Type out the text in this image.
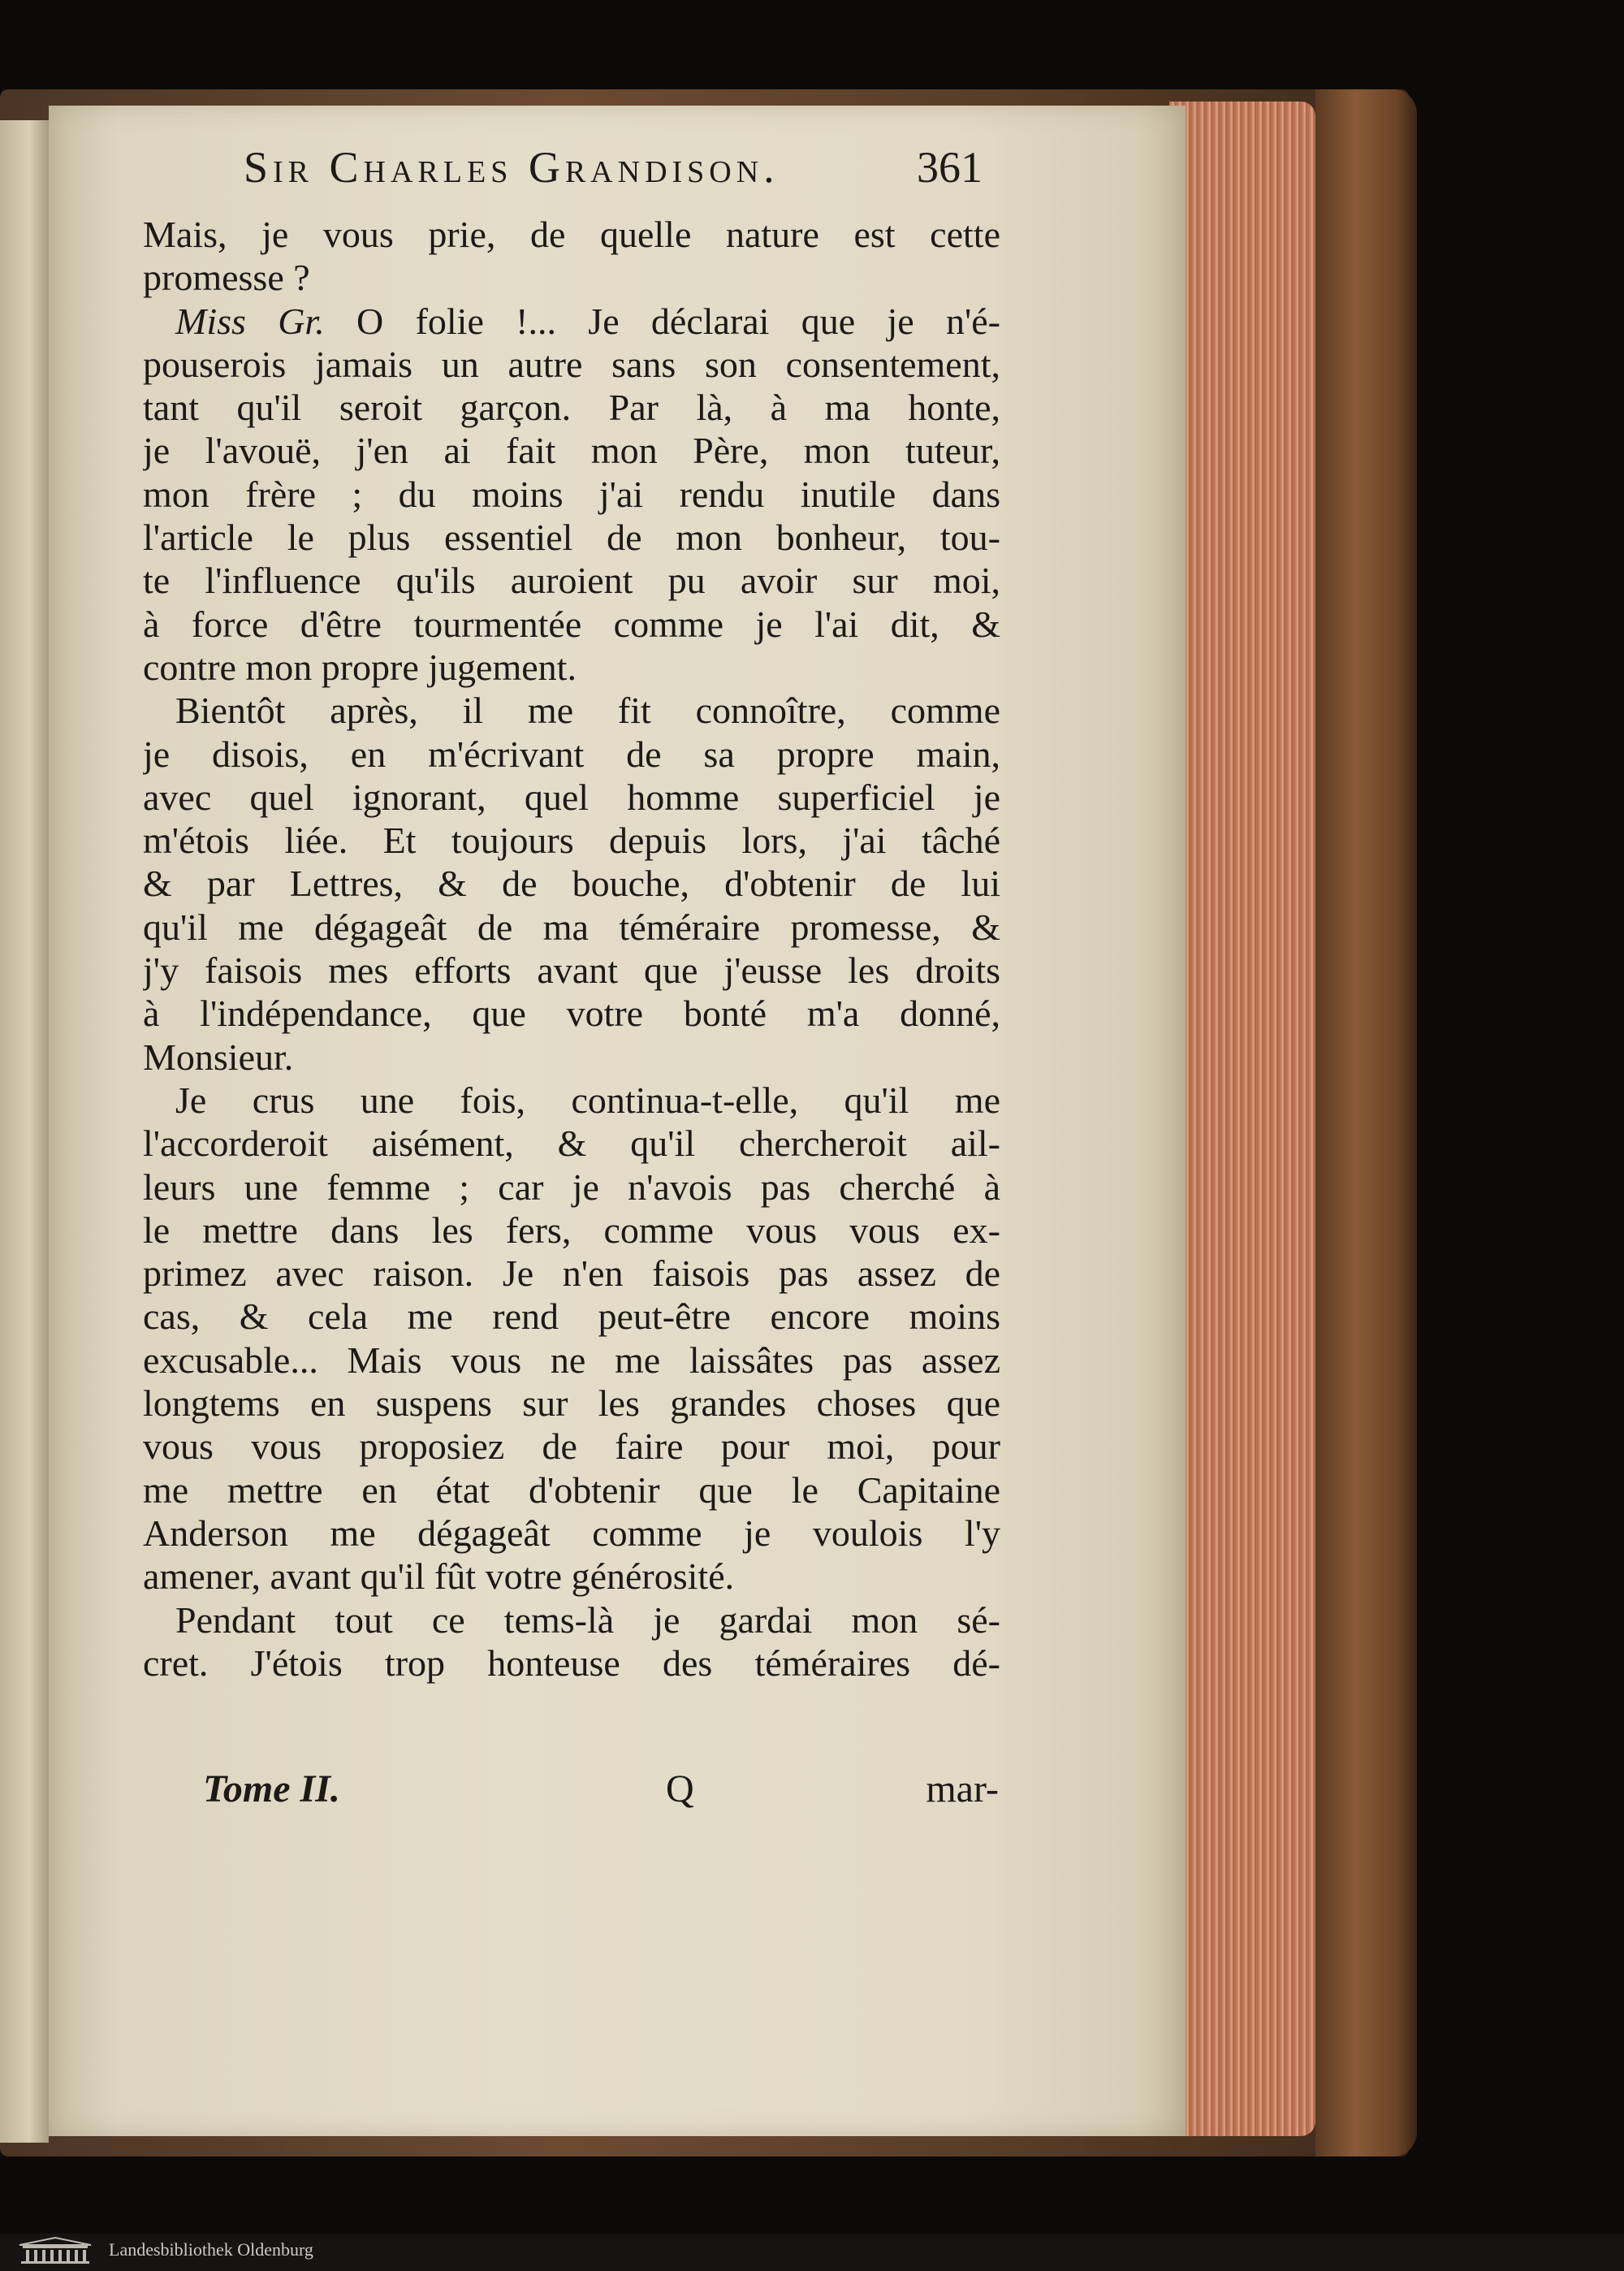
Sir Charles Grandison.	361
Mais, je vous prie, de quelle nature est cette
promesse ?
Miss Gr. O folie !... Je déclarai que je n'é-
pouserois jamais un autre sans son consentement,
tant qu'il seroit garçon. Par là, à ma honte,
je l'avouë, j'en ai fait mon Père, mon tuteur,
mon frère ; du moins j'ai rendu inutile dans
l'article le plus essentiel de mon bonheur, tou-
te l'influence qu'ils auroient pu avoir sur moi,
à force d'être tourmentée comme je l'ai dit, &
contre mon propre jugement.
Bientôt après, il me fit connoître, comme
je disois, en m'écrivant de sa propre main,
avec quel ignorant, quel homme superficiel je
m'étois liée. Et toujours depuis lors, j'ai tâché
& par Lettres, & de bouche, d'obtenir de lui
qu'il me dégageât de ma téméraire promesse, &
j'y faisois mes efforts avant que j'eusse les droits
à l'indépendance, que votre bonté m'a donné,
Monsieur.
Je crus une fois, continua-t-elle, qu'il me
l'accorderoit aisément, & qu'il chercheroit ail-
leurs une femme ; car je n'avois pas cherché à
le mettre dans les fers, comme vous vous ex-
primez avec raison. Je n'en faisois pas assez de
cas, & cela me rend peut-être encore moins
excusable... Mais vous ne me laissâtes pas assez
longtems en suspens sur les grandes choses que
vous vous proposiez de faire pour moi, pour
me mettre en état d'obtenir que le Capitaine
Anderson me dégageât comme je voulois l'y
amener, avant qu'il fût votre générosité.
Pendant tout ce tems-là je gardai mon sé-
cret. J'étois trop honteuse des téméraires dé-
Tome II.	Q	mar-
Landesbibliothek Oldenburg
